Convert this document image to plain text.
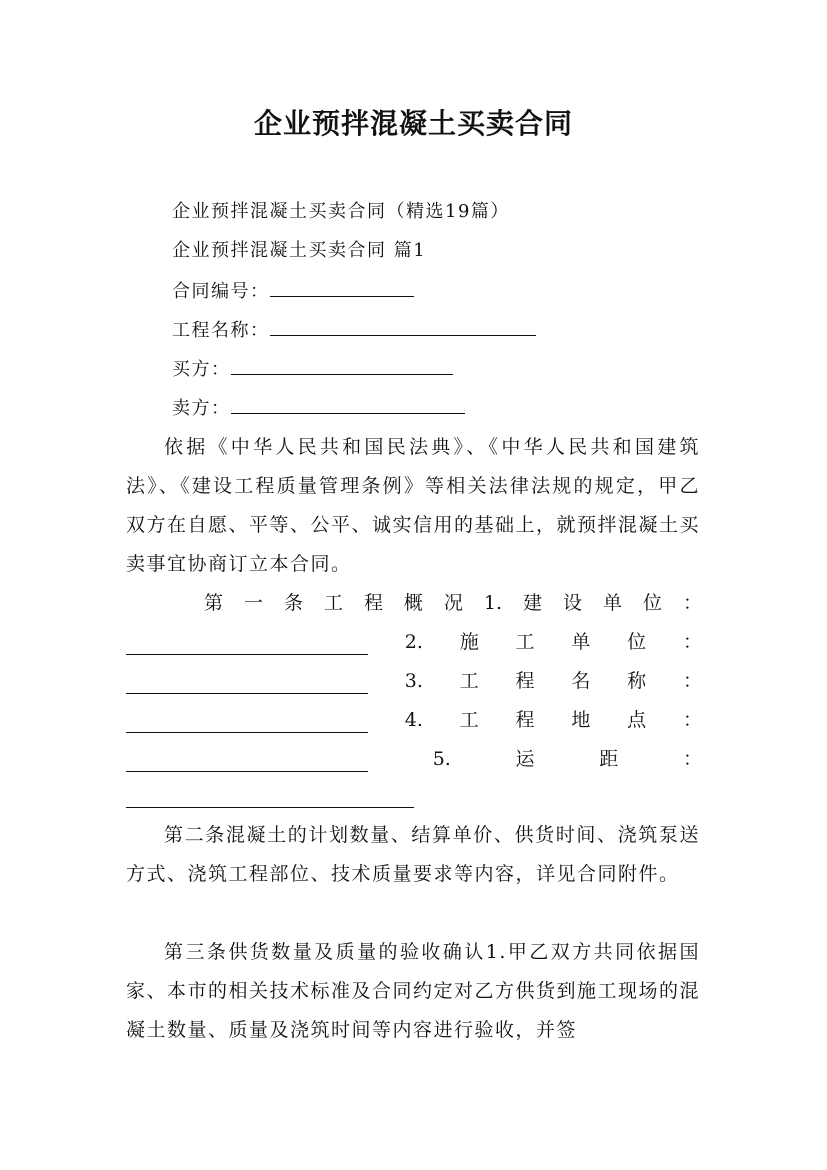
企业预拌混凝土买卖合同
企业预拌混凝土买卖合同（精选19篇）
企业预拌混凝土买卖合同 篇1
合同编号：
工程名称：
买方：
卖方：

依据《中华人民共和国民法典》、《中华人民共和国建筑法》、《建设工程质量管理条例》等相关法律法规的规定，甲乙双方在自愿、平等、公平、诚实信用的基础上，就预拌混凝土买卖事宜协商订立本合同。

第 一 条 工 程 概 况 1. 建 设 单 位 ：
2. 施 工 单 位 ：
3. 工 程 名 称 ：
4. 工 程 地 点 ：
5.	运	距	：

第二条混凝土的计划数量、结算单价、供货时间、浇筑泵送方式、浇筑工程部位、技术质量要求等内容，详见合同附件。

第三条供货数量及质量的验收确认1.甲乙双方共同依据国家、本市的相关技术标准及合同约定对乙方供货到施工现场的混凝土数量、质量及浇筑时间等内容进行验收，并签
